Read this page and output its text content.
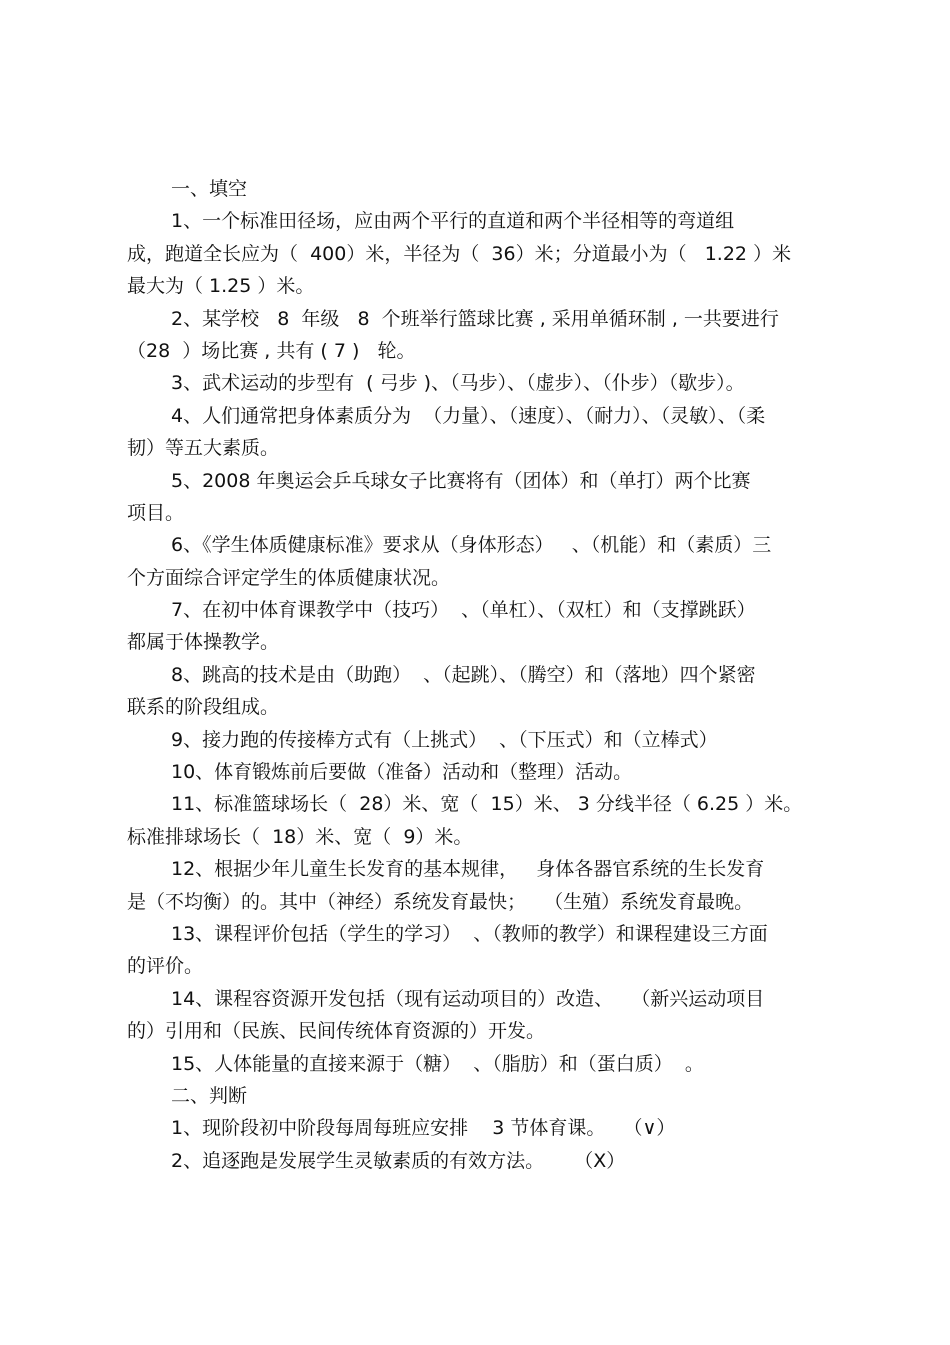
一、填空
1、一个标准田径场，应由两个平行的直道和两个半径相等的弯道组
成，跑道全长应为（  400）米，半径为（  36）米；分道最小为（   1.22 ）米
最大为（ 1.25 ）米。
2、某学校   8  年级   8  个班举行篮球比赛 , 采用单循环制 , 一共要进行
（28  ）场比赛 , 共有 ( 7 )   轮。
3、武术运动的步型有  ( 弓步 )、（马步）、（虚步）、（仆步）（歇步）。
4、人们通常把身体素质分为  （力量）、（速度）、（耐力）、（灵敏）、（柔
韧）等五大素质。
5、2008 年奥运会乒乓球女子比赛将有（团体）和（单打）两个比赛
项目。
6、《学生体质健康标准》要求从（身体形态）   、（机能）和（素质）三
个方面综合评定学生的体质健康状况。
7、在初中体育课教学中（技巧）  、（单杠）、（双杠）和（支撑跳跃）
都属于体操教学。
8、跳高的技术是由（助跑）  、（起跳）、（腾空）和（落地）四个紧密
联系的阶段组成。
9、接力跑的传接棒方式有（上挑式）  、（下压式）和（立棒式）
10、体育锻炼前后要做（准备）活动和（整理）活动。
11、标准篮球场长（  28）米、宽（  15）米、 3 分线半径（ 6.25 ）米。
标准排球场长（  18）米、宽（  9）米。
12、根据少年儿童生长发育的基本规律，   身体各器官系统的生长发育
是（不均衡）的。其中（神经）系统发育最快；   （生殖）系统发育最晚。
13、课程评价包括（学生的学习）  、（教师的教学）和课程建设三方面
的评价。
14、课程容资源开发包括（现有运动项目的）改造、   （新兴运动项目
的）引用和（民族、民间传统体育资源的）开发。
15、人体能量的直接来源于（糖）  、（脂肪）和（蛋白质）  。
二、判断
1、现阶段初中阶段每周每班应安排    3 节体育课。   （∨）
2、追逐跑是发展学生灵敏素质的有效方法。     （X）
